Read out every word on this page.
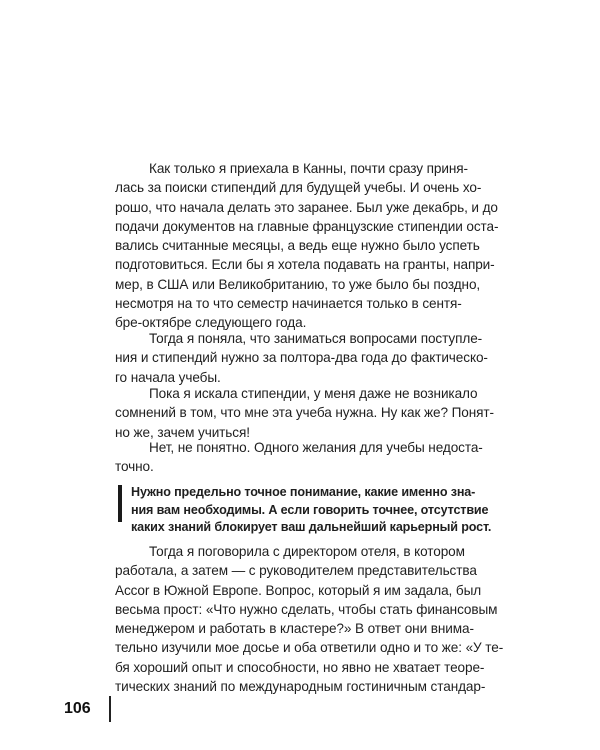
Как только я приехала в Канны, почти сразу приня-
лась за поиски стипендий для будущей учебы. И очень хо-
рошо, что начала делать это заранее. Был уже декабрь, и до
подачи документов на главные французские стипендии оста-
вались считанные месяцы, а ведь еще нужно было успеть
подготовиться. Если бы я хотела подавать на гранты, напри-
мер, в США или Великобританию, то уже было бы поздно,
несмотря на то что семестр начинается только в сентя-
бре-октябре следующего года.

Тогда я поняла, что заниматься вопросами поступле-
ния и стипендий нужно за полтора-два года до фактическо-
го начала учебы.

Пока я искала стипендии, у меня даже не возникало
сомнений в том, что мне эта учеба нужна. Ну как же? Понят-
но же, зачем учиться!

Нет, не понятно. Одного желания для учебы недоста-
точно.

Нужно предельно точное понимание, какие именно зна-
ния вам необходимы. А если говорить точнее, отсутствие
каких знаний блокирует ваш дальнейший карьерный рост.

Тогда я поговорила с директором отеля, в котором
работала, а затем — с руководителем представительства
Accor в Южной Европе. Вопрос, который я им задала, был
весьма прост: «Что нужно сделать, чтобы стать финансовым
менеджером и работать в кластере?» В ответ они внима-
тельно изучили мое досье и оба ответили одно и то же: «У те-
бя хороший опыт и способности, но явно не хватает теоре-
тических знаний по международным гостиничным стандар-

106
